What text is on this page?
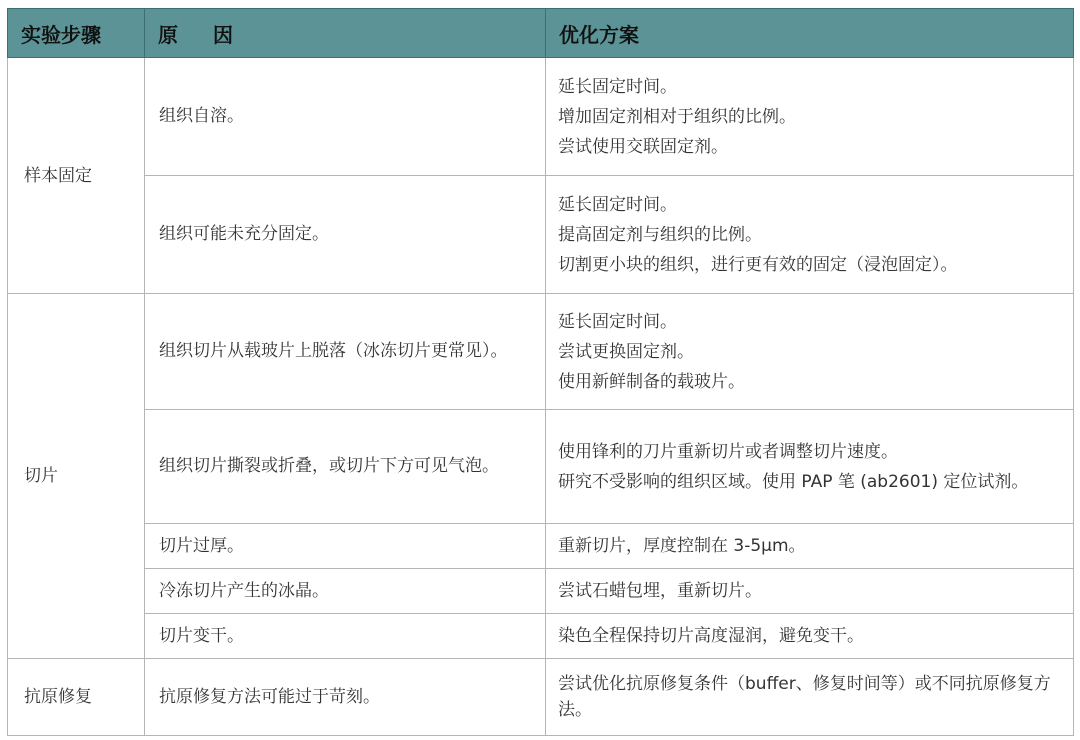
实验步骤	原 因	优化方案
样本固定	组织自溶。	延长固定时间。
增加固定剂相对于组织的比例。
尝试使用交联固定剂。

	组织可能未充分固定。	延长固定时间。
提高固定剂与组织的比例。
切割更小块的组织，进行更有效的固定（浸泡固定）。

切片	组织切片从载玻片上脱落（冰冻切片更常见）。	延长固定时间。
尝试更换固定剂。
使用新鲜制备的载玻片。

	组织切片撕裂或折叠，或切片下方可见气泡。	使用锋利的刀片重新切片或者调整切片速度。
研究不受影响的组织区域。使用 PAP 笔 (ab2601) 定位试剂。

	切片过厚。	重新切片，厚度控制在 3-5μm。

	冷冻切片产生的冰晶。	尝试石蜡包埋，重新切片。

	切片变干。	染色全程保持切片高度湿润，避免变干。

抗原修复	抗原修复方法可能过于苛刻。	尝试优化抗原修复条件（buffer、修复时间等）或不同抗原修复方法。
